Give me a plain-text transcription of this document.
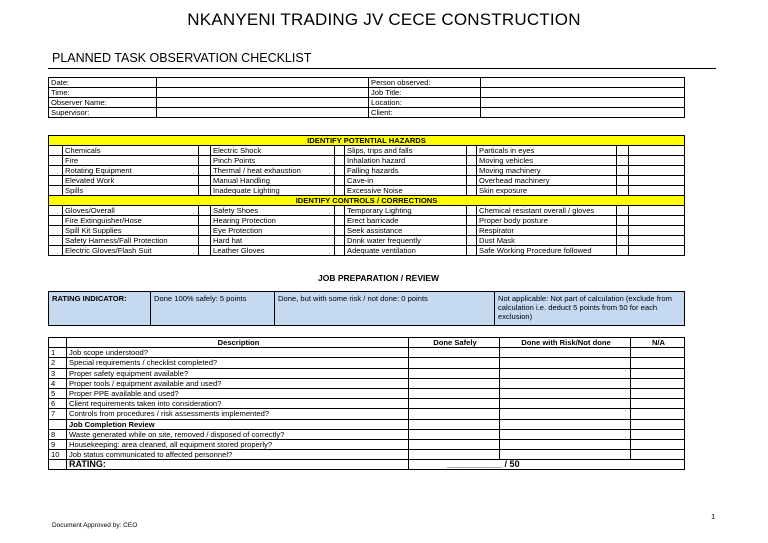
NKANYENI TRADING JV CECE CONSTRUCTION
PLANNED TASK OBSERVATION CHECKLIST
Date:		Person observed:	
Time:		Job Title:	
Observer Name:		Location:	
Supervisor:		Client:	
IDENTIFY POTENTIAL HAZARDS									
	Chemicals		Electric Shock		Slips, trips and falls		Particals in eyes		
	Fire		Pinch Points		Inhalation hazard		Moving vehicles		
	Rotating Equipment		Thermal / heat exhaustion		Falling hazards		Moving machinery		
	Elevated Work		Manual Handling		Cave-in		Overhead machinery		
	Spills		Inadequate Lighting		Excessive Noise		Skin exposure		
IDENTIFY CONTROLS / CORRECTIONS									
	Gloves/Overall		Safety Shoes		Temporary Lighting		Chemical resistant overall / gloves		
	Fire Extinguisher/Hose		Hearing Protection		Erect barricade		Proper body posture		
	Spill Kit Supplies		Eye Protection		Seek assistance		Respirator		
	Safety Harness/Fall Protection		Hard hat		Drink water frequently		Dust Mask		
	Electric Gloves/Flash Suit		Leather Gloves		Adequate ventilation		Safe Working Procedure followed		
JOB PREPARATION / REVIEW
RATING INDICATOR:	Done 100% safely: 5 points	Done, but with some risk / not done: 0 points	Not applicable: Not part of calculation (exclude from calculation i.e. deduct 5 points from 50 for each exclusion)
	Description	Done Safely	Done with Risk/Not done	N/A
1	Job scope understood?			
2	Special requirements / checklist completed?			
3	Proper safety equipment available?			
4	Proper tools / equipment available and used?			
5	Proper PPE available and used?			
6	Client requirements taken into consideration?			
7	Controls from procedures / risk assessments implemented?			
	Job Completion Review			
8	Waste generated while on site, removed / disposed of correctly?			
9	Housekeeping: area cleaned, all equipment stored properly?			
10	Job status communicated to affected personnel?			
	RATING:	___________ / 50		
Document Approved by: CEO
1
